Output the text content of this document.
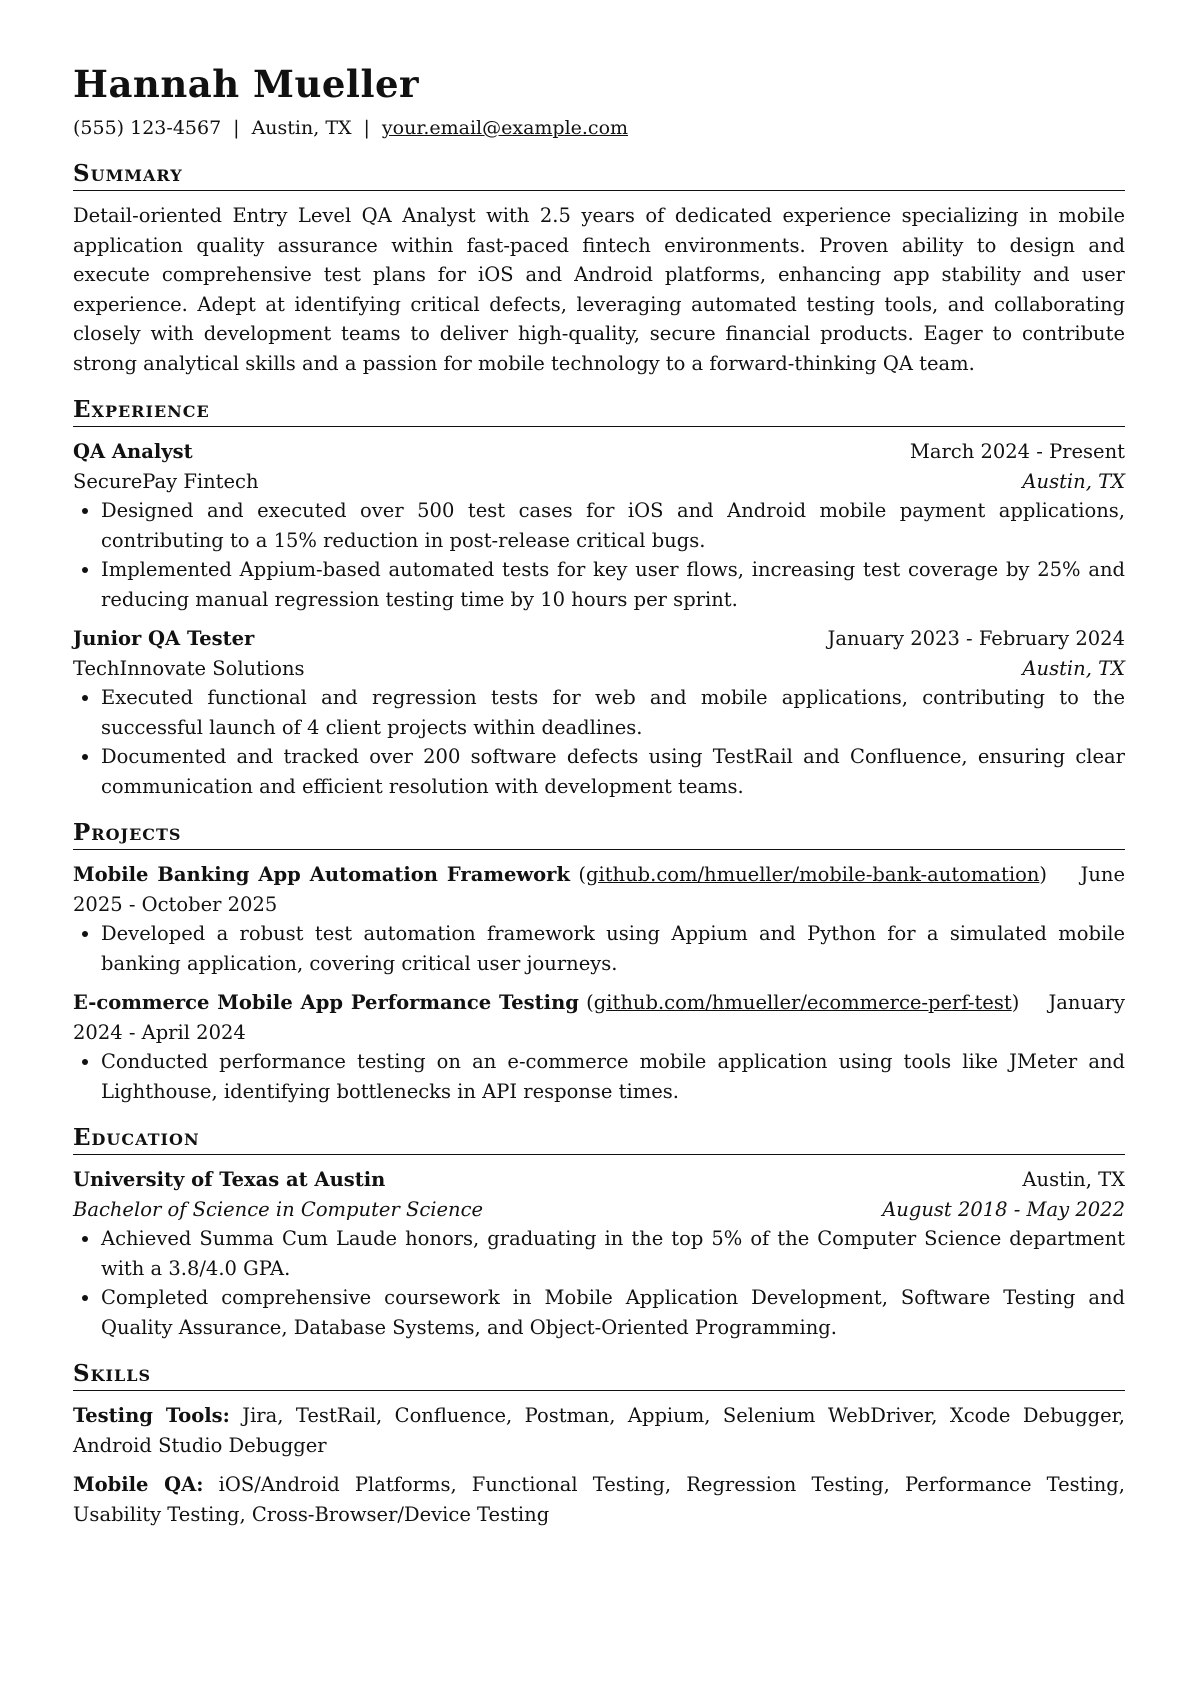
Hannah Mueller
(555) 123-4567 | Austin, TX | your.email@example.com
Summary

Detail-oriented Entry Level QA Analyst with 2.5 years of dedicated experience specializing in mobile application quality assurance within fast-paced fintech environments. Proven ability to design and execute comprehensive test plans for iOS and Android platforms, enhancing app stability and user experience. Adept at identifying critical defects, leveraging automated testing tools, and collaborating closely with development teams to deliver high-quality, secure financial products. Eager to contribute strong analytical skills and a passion for mobile technology to a forward-thinking QA team.

Experience
QA Analyst	March 2024 - Present
SecurePay Fintech	Austin, TX
• Designed and executed over 500 test cases for iOS and Android mobile payment applications, contributing to a 15% reduction in post-release critical bugs.
• Implemented Appium-based automated tests for key user flows, increasing test coverage by 25% and reducing manual regression testing time by 10 hours per sprint.
Junior QA Tester	January 2023 - February 2024
TechInnovate Solutions	Austin, TX
• Executed functional and regression tests for web and mobile applications, contributing to the successful launch of 4 client projects within deadlines.
• Documented and tracked over 200 software defects using TestRail and Confluence, ensuring clear communication and efficient resolution with development teams.
Projects
Mobile Banking App Automation Framework (github.com/hmueller/mobile-bank-automation)    June 2025 - October 2025
• Developed a robust test automation framework using Appium and Python for a simulated mobile banking application, covering critical user journeys.
E-commerce Mobile App Performance Testing (github.com/hmueller/ecommerce-perf-test)    January 2024 - April 2024
• Conducted performance testing on an e-commerce mobile application using tools like JMeter and Lighthouse, identifying bottlenecks in API response times.
Education
University of Texas at Austin	Austin, TX
Bachelor of Science in Computer Science	August 2018 - May 2022
• Achieved Summa Cum Laude honors, graduating in the top 5% of the Computer Science department with a 3.8/4.0 GPA.
• Completed comprehensive coursework in Mobile Application Development, Software Testing and Quality Assurance, Database Systems, and Object-Oriented Programming.
Skills
Testing Tools: Jira, TestRail, Confluence, Postman, Appium, Selenium WebDriver, Xcode Debugger, Android Studio Debugger
Mobile QA: iOS/Android Platforms, Functional Testing, Regression Testing, Performance Testing, Usability Testing, Cross-Browser/Device Testing
